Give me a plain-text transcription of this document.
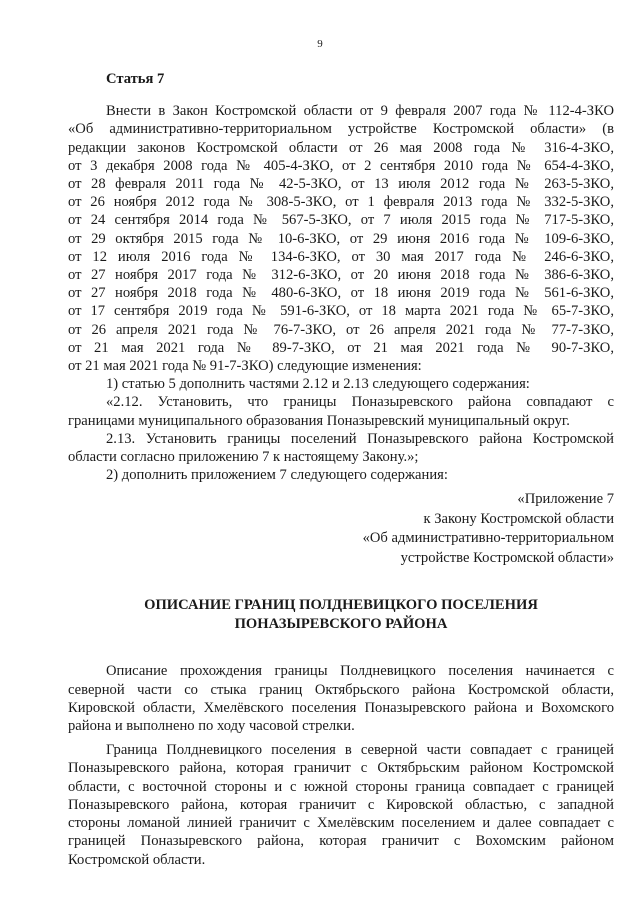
9
Статья 7

Внести в Закон Костромской области от 9 февраля 2007 года № 112-4-ЗКО

«Об административно-территориальном устройстве Костромской области» (в

редакции законов Костромской области от 26 мая 2008 года № 316-4-ЗКО,

от 3 декабря 2008 года № 405-4-ЗКО, от 2 сентября 2010 года № 654-4-ЗКО,

от 28 февраля 2011 года № 42-5-ЗКО, от 13 июля 2012 года № 263-5-ЗКО,

от 26 ноября 2012 года № 308-5-ЗКО, от 1 февраля 2013 года № 332-5-ЗКО,

от 24 сентября 2014 года № 567-5-ЗКО, от 7 июля 2015 года № 717-5-ЗКО,

от 29 октября 2015 года № 10-6-ЗКО, от 29 июня 2016 года № 109-6-ЗКО,

от 12 июля 2016 года № 134-6-ЗКО, от 30 мая 2017 года № 246-6-ЗКО,

от 27 ноября 2017 года № 312-6-ЗКО, от 20 июня 2018 года № 386-6-ЗКО,

от 27 ноября 2018 года № 480-6-ЗКО, от 18 июня 2019 года № 561-6-ЗКО,

от 17 сентября 2019 года № 591-6-ЗКО, от 18 марта 2021 года № 65-7-ЗКО,

от 26 апреля 2021 года № 76-7-ЗКО, от 26 апреля 2021 года № 77-7-ЗКО,

от 21 мая 2021 года № 89-7-ЗКО, от 21 мая 2021 года № 90-7-ЗКО,

от 21 мая 2021 года № 91-7-ЗКО) следующие изменения:

1) статью 5 дополнить частями 2.12 и 2.13 следующего содержания:

«2.12. Установить, что границы Поназыревского района совпадают с

границами муниципального образования Поназыревский муниципальный округ.

2.13. Установить границы поселений Поназыревского района Костромской

области согласно приложению 7 к настоящему Закону.»;

2) дополнить приложением 7 следующего содержания:

«Приложение 7
к Закону Костромской области
«Об административно-территориальном
устройстве Костромской области»
ОПИСАНИЕ ГРАНИЦ ПОЛДНЕВИЦКОГО ПОСЕЛЕНИЯ
ПОНАЗЫРЕВСКОГО РАЙОНА

Описание прохождения границы Полдневицкого поселения начинается с

северной части со стыка границ Октябрьского района Костромской области,

Кировской области, Хмелёвского поселения Поназыревского района и Вохомского

района и выполнено по ходу часовой стрелки.

Граница Полдневицкого поселения в северной части совпадает с границей

Поназыревского района, которая граничит с Октябрьским районом Костромской

области, с восточной стороны и с южной стороны граница совпадает с границей

Поназыревского района, которая граничит с Кировской областью, с западной

стороны ломаной линией граничит с Хмелёвским поселением и далее совпадает с

границей Поназыревского района, которая граничит с Вохомским районом

Костромской области.
